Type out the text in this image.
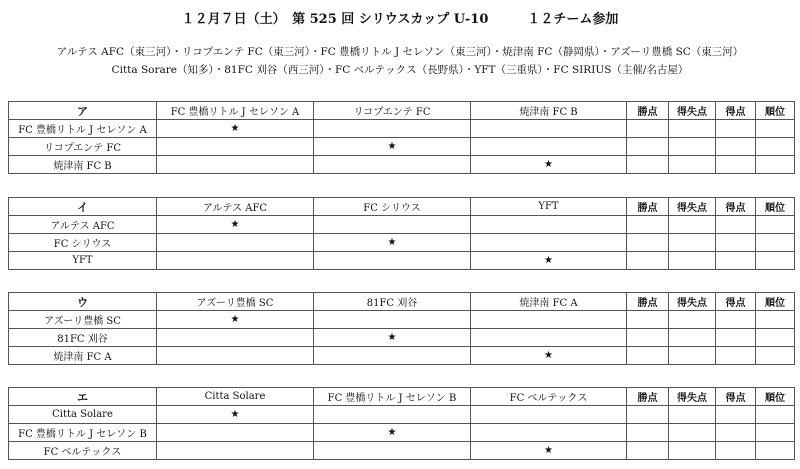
１２月７日（土）　第 525 回 シリウスカップ U-10　　　１２チーム参加
アルテス AFC（東三河）・リコプエンテ FC（東三河）・FC 豊橋リトル J セレソン（東三河）・焼津南 FC（静岡県）・アズーリ豊橋 SC（東三河）
Citta Sorare（知多）・81FC 刈谷（西三河）・FC ベルテックス（長野県）・YFT（三重県）・FC SIRIUS（主催/名古屋）
ア	FC 豊橋リトル J セレソン A	リコプエンテ FC	焼津南 FC B	勝点	得失点	得点	順位
FC 豊橋リトル J セレソン A	★						
リコプエンテ FC		★					
焼津南 FC B			★				
イ	アルテス AFC	FC シリウス	YFT	勝点	得失点	得点	順位
アルテス AFC	★						
FC シリウス		★					
YFT			★				
ウ	アズーリ豊橋 SC	81FC 刈谷	焼津南 FC A	勝点	得失点	得点	順位
アズーリ豊橋 SC	★						
81FC 刈谷		★					
焼津南 FC A			★				
エ	Citta Solare	FC 豊橋リトル J セレソン B	FC ベルテックス	勝点	得失点	得点	順位
Citta Solare	★						
FC 豊橋リトル J セレソン B		★					
FC ベルテックス			★				
